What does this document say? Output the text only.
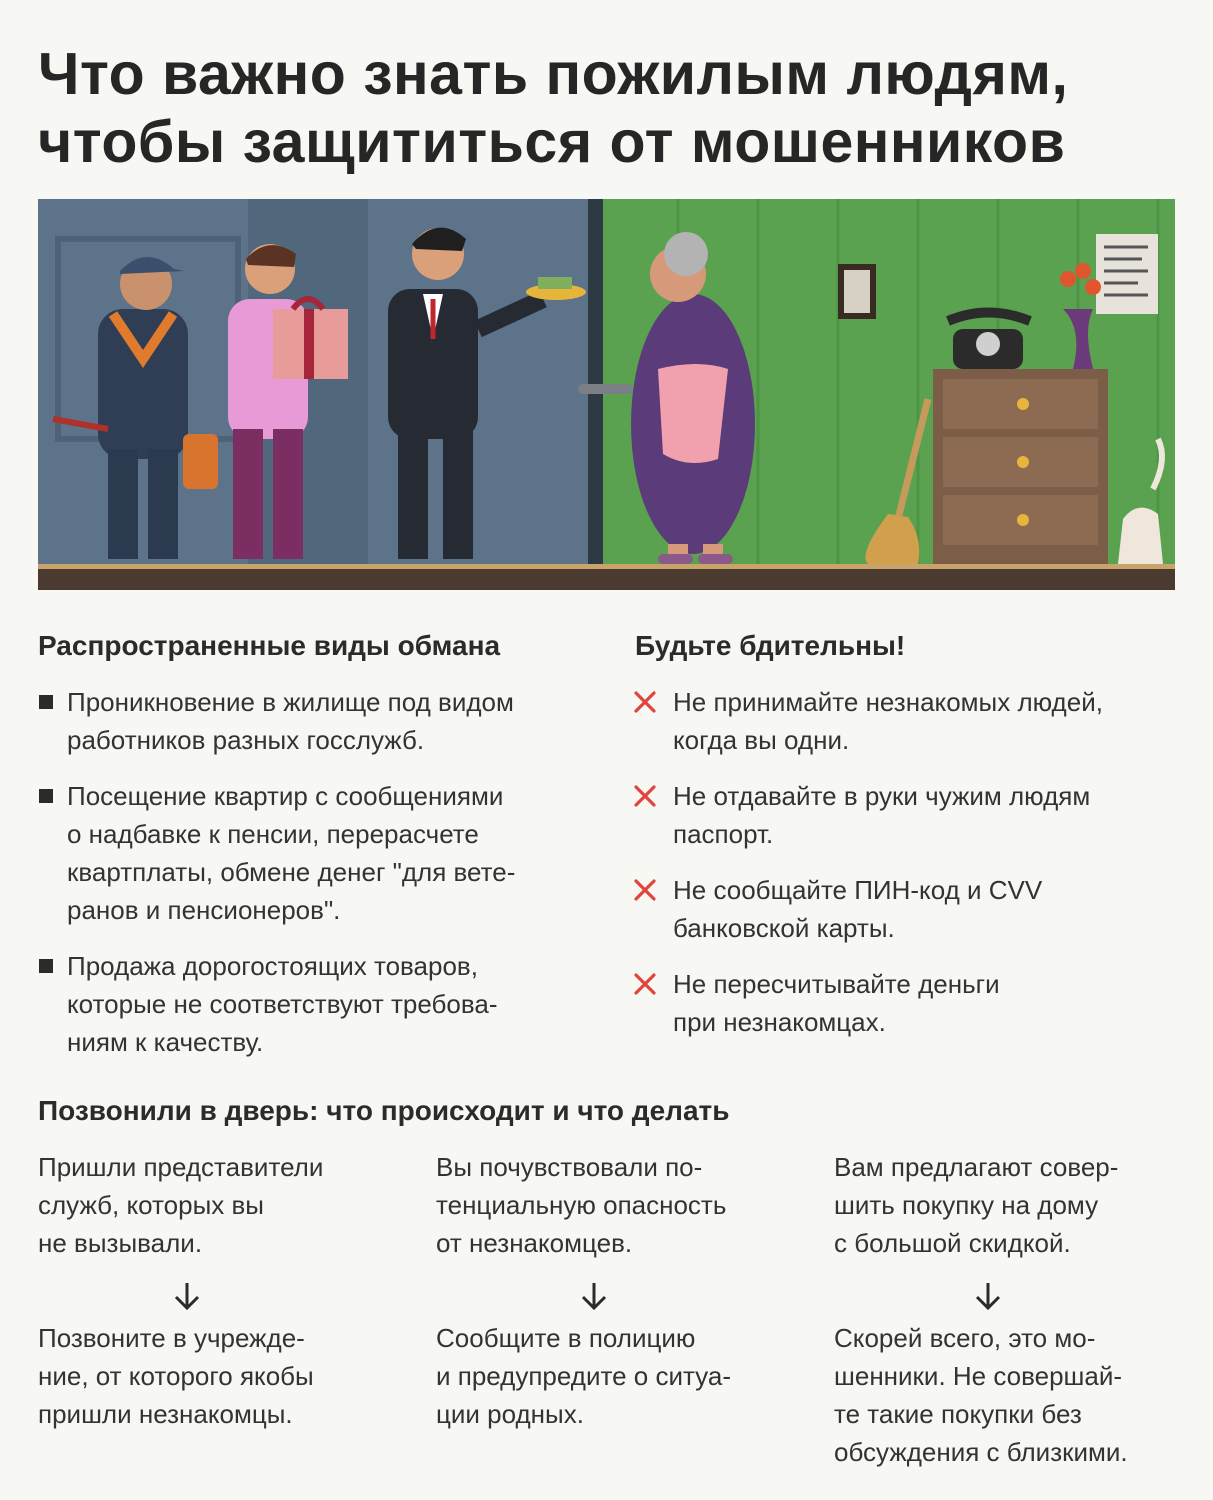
Что важно знать пожилым людям,
чтобы защититься от мошенников
Распространенные виды обмана
Проникновение в жилище под видом
работников разных госслужб.
Посещение квартир с сообщениями
о надбавке к пенсии, перерасчете
квартплаты, обмене денег "для вете-
ранов и пенсионеров".
Продажа дорогостоящих товаров,
которые не соответствуют требова-
ниям к качеству.
Будьте бдительны!
Не принимайте незнакомых людей,
когда вы одни.
Не отдавайте в руки чужим людям
паспорт.
Не сообщайте ПИН-код и CVV
банковской карты.
Не пересчитывайте деньги
при незнакомцах.
Позвонили в дверь: что происходит и что делать

Пришли представители
служб, которых вы
не вызывали.

Позвоните в учрежде-
ние, от которого якобы
пришли незнакомцы.

Вы почувствовали по-
тенциальную опасность
от незнакомцев.

Сообщите в полицию
и предупредите о ситуа-
ции родных.

Вам предлагают совер-
шить покупку на дому
с большой скидкой.

Скорей всего, это мо-
шенники. Не совершай-
те такие покупки без
обсуждения с близкими.
